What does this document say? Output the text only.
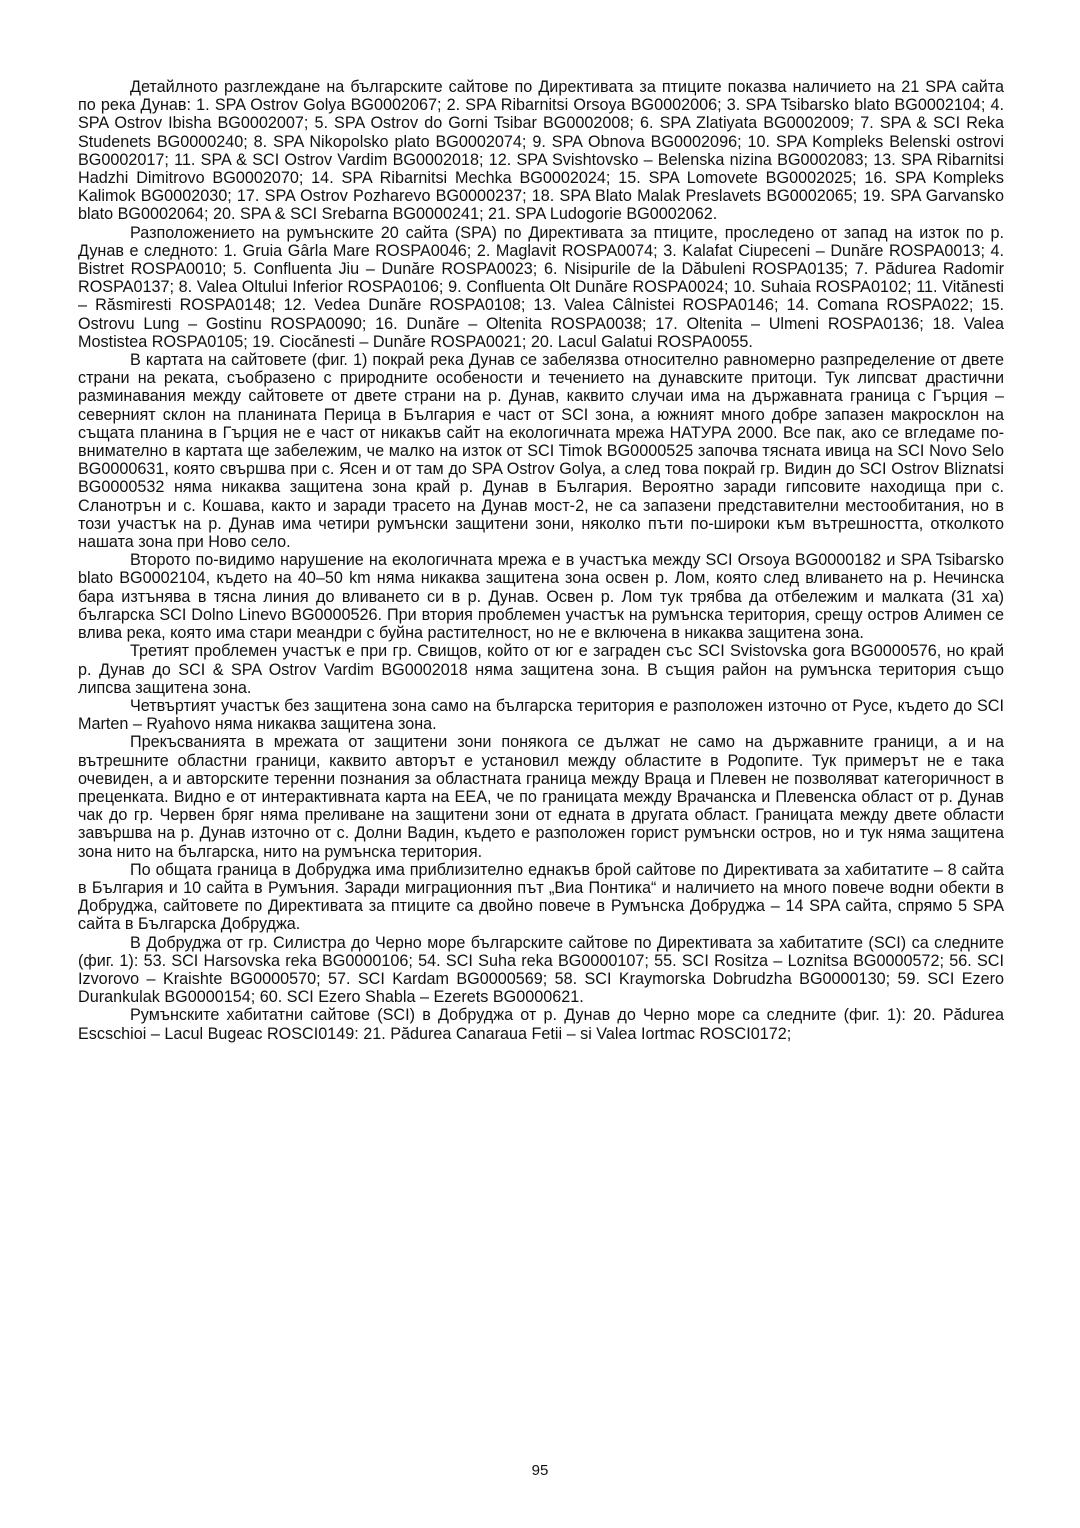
Детайлното разглеждане на българските сайтове по Директивата за птиците показва наличието на 21 SPA сайта по река Дунав: 1. SPA Ostrov Golya BG0002067; 2. SPA Ribarnitsi Orsoya BG0002006; 3. SPA Tsibarsko blato BG0002104; 4. SPA Ostrov Ibisha BG0002007; 5. SPA Ostrov do Gorni Tsibar BG0002008; 6. SPA Zlatiyata BG0002009; 7. SPA & SCI Reka Studenets BG0000240; 8. SPA Nikopolsko plato BG0002074; 9. SPA Obnova BG0002096; 10. SPA Kompleks Belenski ostrovi BG0002017; 11. SPA & SCI Ostrov Vardim BG0002018; 12. SPA Svishtovsko – Belenska nizina BG0002083; 13. SPA Ribarnitsi Hadzhi Dimitrovo BG0002070; 14. SPA Ribarnitsi Mechka BG0002024; 15. SPA Lomovete BG0002025; 16. SPA Kompleks Kalimok BG0002030; 17. SPA Ostrov Pozharevo BG0000237; 18. SPA Blato Malak Preslavets BG0002065; 19. SPA Garvansko blato BG0002064; 20. SPA & SCI Srebarna BG0000241; 21. SPA Ludogorie BG0002062.

Разположението на румънските 20 сайта (SPA) по Директивата за птиците, проследено от запад на изток по р. Дунав е следното: 1. Gruia Gârla Mare ROSPA0046; 2. Maglavit ROSPA0074; 3. Kalafat Ciupeceni – Dunăre ROSPA0013; 4. Bistret ROSPA0010; 5. Confluenta Jiu – Dunăre ROSPA0023; 6. Nisipurile de la Dăbuleni ROSPA0135; 7. Pădurea Radomir ROSPA0137; 8. Valea Oltului Inferior ROSPA0106; 9. Confluenta Olt Dunăre ROSPA0024; 10. Suhaia ROSPA0102; 11. Vitănesti – Răsmiresti ROSPA0148; 12. Vedea Dunăre ROSPA0108; 13. Valea Câlnistei ROSPA0146; 14. Comana ROSPA022; 15. Ostrovu Lung – Gostinu ROSPA0090; 16. Dunăre – Oltenita ROSPA0038; 17. Oltenita – Ulmeni ROSPA0136; 18. Valea Mostistea ROSPA0105; 19. Ciocănesti – Dunăre ROSPA0021; 20. Lacul Galatui ROSPA0055.

В картата на сайтовете (фиг. 1) покрай река Дунав се забелязва относително равномерно разпределение от двете страни на реката, съобразено с природните особености и течението на дунавските притоци. Тук липсват драстични разминавания между сайтовете от двете страни на р. Дунав, каквито случаи има на държавната граница с Гърция – северният склон на планината Перица в България е част от SCI зона, а южният много добре запазен макросклон на същата планина в Гърция не е част от никакъв сайт на екологичната мрежа НАТУРА 2000. Все пак, ако се вгледаме по-внимателно в картата ще забележим, че малко на изток от SCI Timok BG0000525 започва тясната ивица на SCI Novo Selo BG0000631, която свършва при с. Ясен и от там до SPA Ostrov Golya, а след това покрай гр. Видин до SCI Ostrov Bliznatsi BG0000532 няма никаква защитена зона край р. Дунав в България. Вероятно заради гипсовите находища при с. Сланотрън и с. Кошава, както и заради трасето на Дунав мост-2, не са запазени представителни местообитания, но в този участък на р. Дунав има четири румънски защитени зони, няколко пъти по-широки към вътрешността, отколкото нашата зона при Ново село.

Второто по-видимо нарушение на екологичната мрежа е в участъка между SCI Orsoya BG0000182 и SPA Tsibarsko blato BG0002104, където на 40–50 km няма никаква защитена зона освен р. Лом, която след вливането на р. Нечинска бара изтънява в тясна линия до вливането си в р. Дунав. Освен р. Лом тук трябва да отбележим и малката (31 ха) българска SCI Dolno Linevo BG0000526. При втория проблемен участък на румънска територия, срещу остров Алимен се влива река, която има стари меандри с буйна растителност, но не е включена в никаква защитена зона.

Третият проблемен участък е при гр. Свищов, който от юг е заграден със SCI Svistovska gora BG0000576, но край р. Дунав до SCI & SPA Ostrov Vardim BG0002018 няма защитена зона. В същия район на румънска територия също липсва защитена зона.

Четвъртият участък без защитена зона само на българска територия е разположен източно от Русе, където до SCI Marten – Ryahovo няма никаква защитена зона.

Прекъсванията в мрежата от защитени зони понякога се дължат не само на държавните граници, а и на вътрешните областни граници, каквито авторът е установил между областите в Родопите. Тук примерът не е така очевиден, а и авторските теренни познания за областната граница между Враца и Плевен не позволяват категоричност в преценката. Видно е от интерактивната карта на ЕЕА, че по границата между Врачанска и Плевенска област от р. Дунав чак до гр. Червен бряг няма преливане на защитени зони от едната в другата област. Границата между двете области завършва на р. Дунав източно от с. Долни Вадин, където е разположен горист румънски остров, но и тук няма защитена зона нито на българска, нито на румънска територия.

По общата граница в Добруджа има приблизително еднакъв брой сайтове по Директивата за хабитатите – 8 сайта в България и 10 сайта в Румъния. Заради миграционния път „Виа Понтика“ и наличието на много повече водни обекти в Добруджа, сайтовете по Директивата за птиците са двойно повече в Румънска Добруджа – 14 SPA сайта, спрямо 5 SPA сайта в Българска Добруджа.

В Добруджа от гр. Силистра до Черно море българските сайтове по Директивата за хабитатите (SCI) са следните (фиг. 1): 53. SCI Harsovska reka BG0000106; 54. SCI Suha reka BG0000107; 55. SCI Rositza – Loznitsa BG0000572; 56. SCI Izvorovo – Kraishte BG0000570; 57. SCI Kardam BG0000569; 58. SCI Kraymorska Dobrudzha BG0000130; 59. SCI Ezero Durankulak BG0000154; 60. SCI Ezero Shabla – Ezerets BG0000621.

Румънските хабитатни сайтове (SCI) в Добруджа от р. Дунав до Черно море са следните (фиг. 1): 20. Pădurea Escschioi – Lacul Bugeac ROSCI0149: 21. Pădurea Canaraua Fetii – si Valea Iortmac ROSCI0172;

95
